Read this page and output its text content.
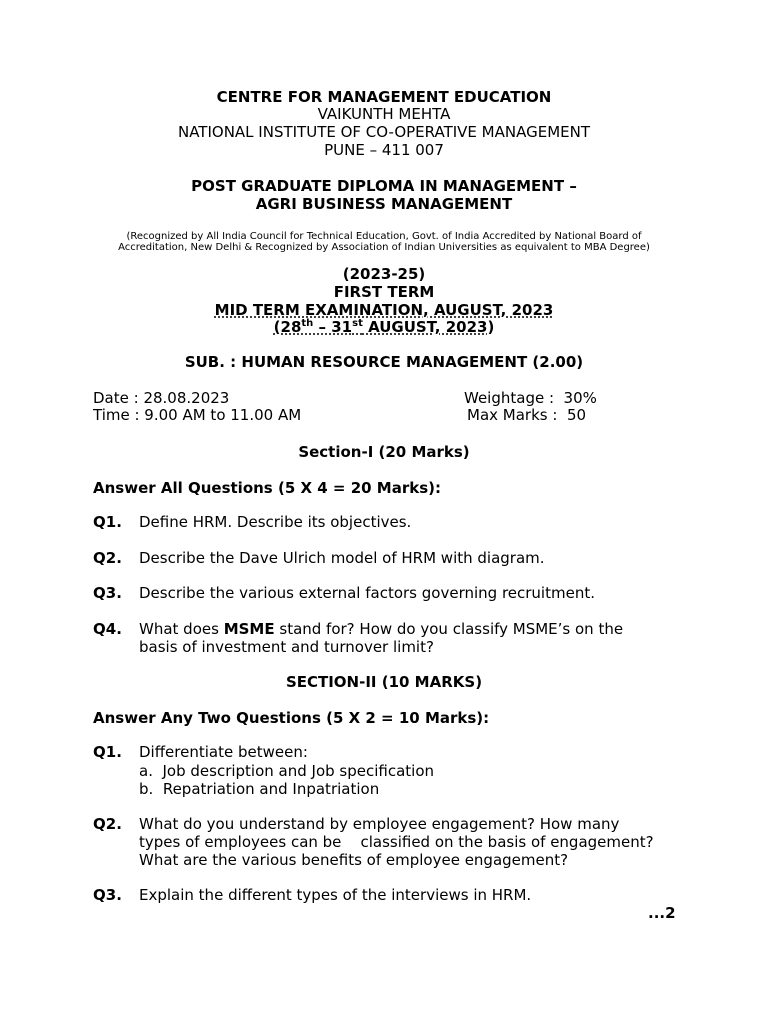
CENTRE FOR MANAGEMENT EDUCATION
VAIKUNTH MEHTA
NATIONAL INSTITUTE OF CO-OPERATIVE MANAGEMENT
PUNE – 411 007
POST GRADUATE DIPLOMA IN MANAGEMENT –
AGRI BUSINESS MANAGEMENT
(Recognized by All India Council for Technical Education, Govt. of India Accredited by National Board of
Accreditation, New Delhi & Recognized by Association of Indian Universities as equivalent to MBA Degree)
(2023-25)
FIRST TERM
MID TERM EXAMINATION, AUGUST, 2023
(28th – 31st AUGUST, 2023)
SUB. : HUMAN RESOURCE MANAGEMENT (2.00)
Date : 28.08.2023
Time : 9.00 AM to 11.00 AM
Weightage :  30%
Max Marks :  50
Section-I (20 Marks)
Answer All Questions (5 X 4 = 20 Marks):
Q1. Define HRM. Describe its objectives.
Q2. Describe the Dave Ulrich model of HRM with diagram.
Q3. Describe the various external factors governing recruitment.
Q4. What does MSME stand for? How do you classify MSME’s on the
basis of investment and turnover limit?
SECTION-II (10 MARKS)
Answer Any Two Questions (5 X 2 = 10 Marks):
Q1. Differentiate between:
a.  Job description and Job specification
b.  Repatriation and Inpatriation
Q2. What do you understand by employee engagement? How many
types of employees can be    classified on the basis of engagement?
What are the various benefits of employee engagement?
Q3. Explain the different types of the interviews in HRM.
...2
